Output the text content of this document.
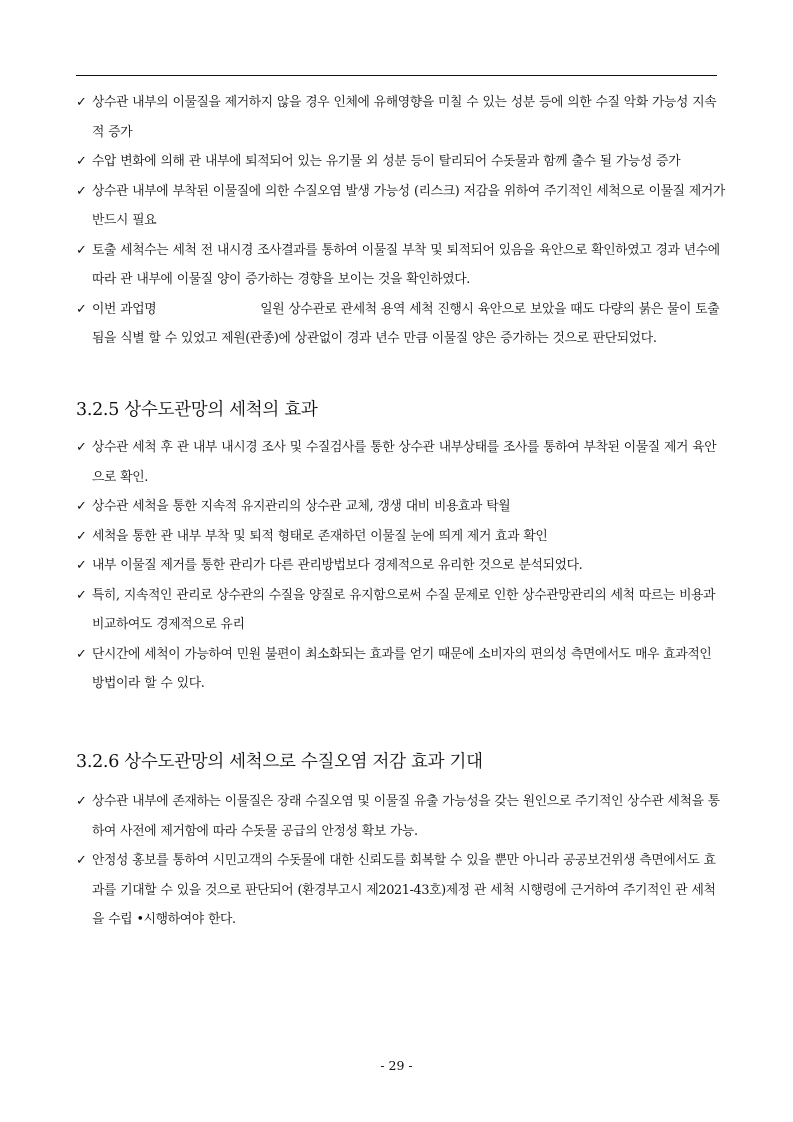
✓ 상수관 내부의 이물질을 제거하지 않을 경우 인체에 유해영향을 미칠 수 있는 성분 등에 의한 수질 악화 가능성 지속적 증가
✓ 수압 변화에 의해 관 내부에 퇴적되어 있는 유기물 외 성분 등이 탈리되어 수돗물과 함께 출수 될 가능성 증가
✓ 상수관 내부에 부착된 이물질에 의한 수질오염 발생 가능성 (리스크) 저감을 위하여 주기적인 세척으로 이물질 제거가 반드시 필요
✓ 토출 세척수는 세척 전 내시경 조사결과를 통하여 이물질 부착 및 퇴적되어 있음을 육안으로 확인하였고 경과 년수에 따라 관 내부에 이물질 양이 증가하는 경향을 보이는 것을 확인하였다.
✓ 이번 과업명	일원 상수관로 관세척 용역 세척 진행시 육안으로 보았을 때도 다량의 붉은 물이 토출됨을 식별 할 수 있었고 제원(관종)에 상관없이 경과 년수 만큼 이물질 양은 증가하는 것으로 판단되었다.
3.2.5 상수도관망의 세척의 효과
✓ 상수관 세척 후 관 내부 내시경 조사 및 수질검사를 통한 상수관 내부상태를 조사를 통하여 부착된 이물질 제거 육안으로 확인.
✓ 상수관 세척을 통한 지속적 유지관리의 상수관 교체, 갱생 대비 비용효과 탁월
✓ 세척을 통한 관 내부 부착 및 퇴적 형태로 존재하던 이물질 눈에 띄게 제거 효과 확인
✓ 내부 이물질 제거를 통한 관리가 다른 관리방법보다 경제적으로 유리한 것으로 분석되었다.
✓ 특히, 지속적인 관리로 상수관의 수질을 양질로 유지함으로써 수질 문제로 인한 상수관망관리의 세척 따르는 비용과 비교하여도 경제적으로 유리
✓ 단시간에 세척이 가능하여 민원 불편이 최소화되는 효과를 얻기 때문에 소비자의 편의성 측면에서도 매우 효과적인 방법이라 할 수 있다.
3.2.6 상수도관망의 세척으로 수질오염 저감 효과 기대
✓ 상수관 내부에 존재하는 이물질은 장래 수질오염 및 이물질 유출 가능성을 갖는 원인으로 주기적인 상수관 세척을 통하여 사전에 제거함에 따라 수돗물 공급의 안정성 확보 가능.
✓ 안정성 홍보를 통하여 시민고객의 수돗물에 대한 신뢰도를 회복할 수 있을 뿐만 아니라 공공보건위생 측면에서도 효과를 기대할 수 있을 것으로 판단되어 (환경부고시 제2021-43호)제정 관 세척 시행령에 근거하여 주기적인 관 세척을 수립 •시행하여야 한다.
- 29 -
